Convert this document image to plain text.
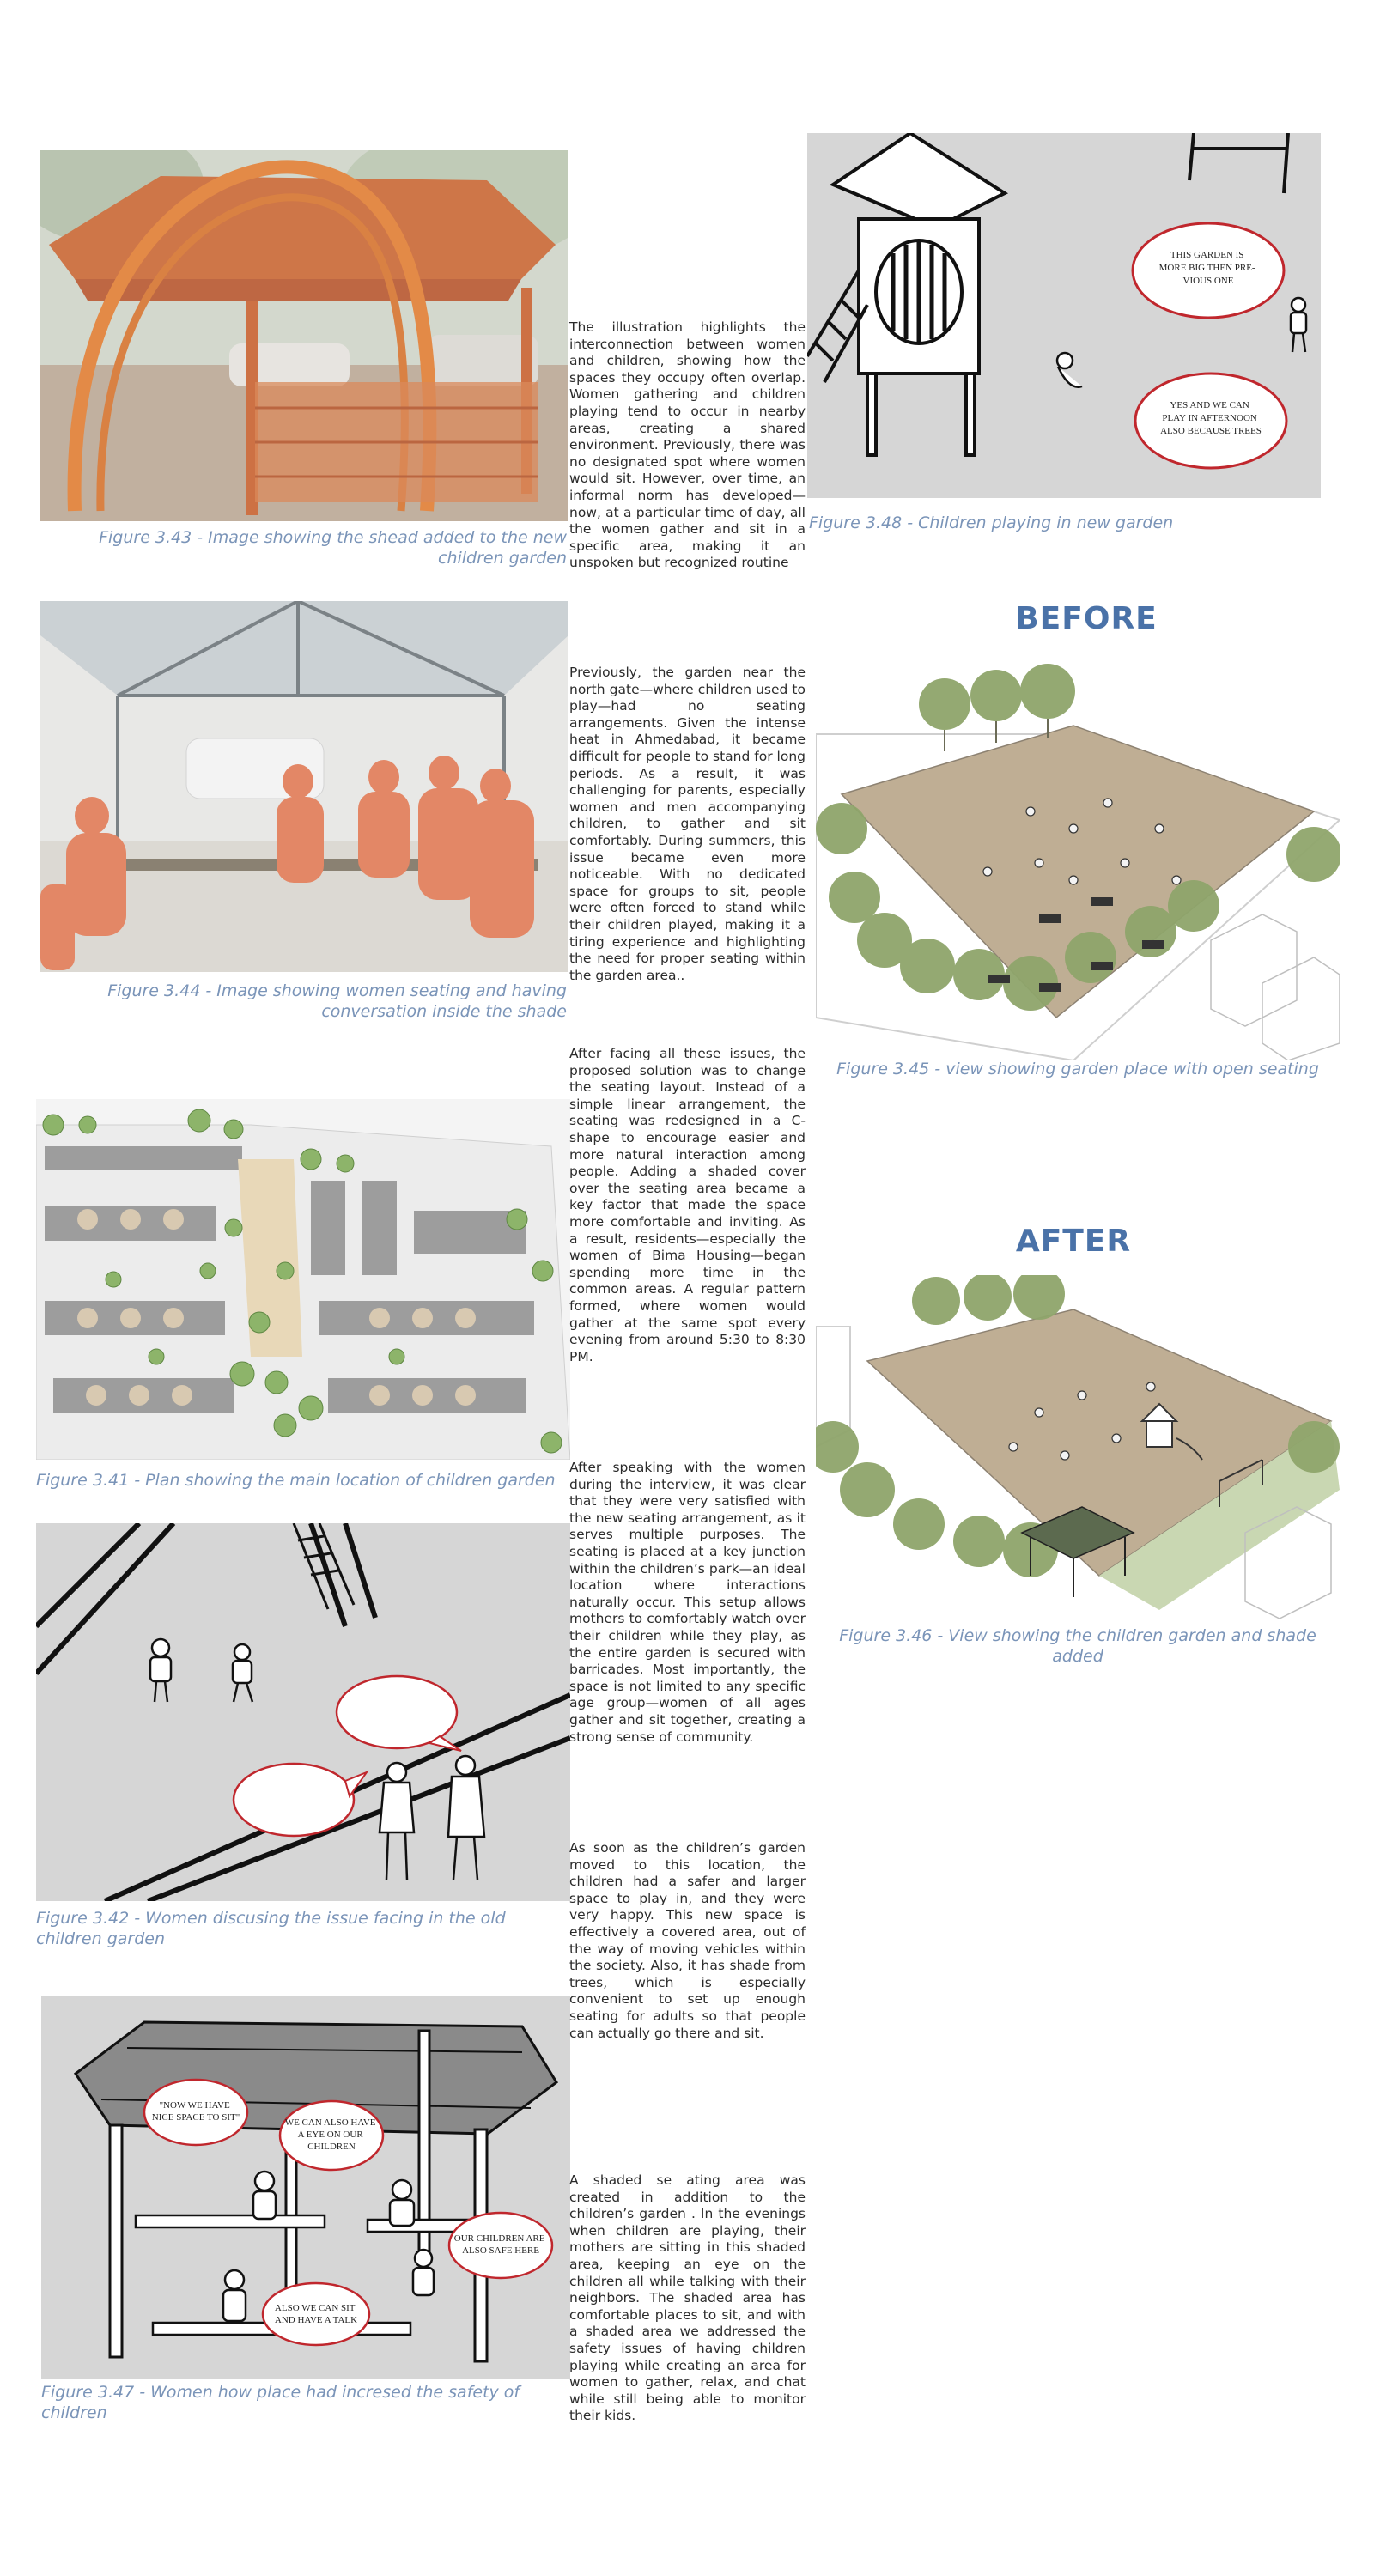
Figure 3.43 - Image showing the shead added to the new children garden
Figure 3.44 - Image showing women seating and having conversation inside the shade
Figure 3.41 - Plan showing the main location of children garden
Figure 3.42 - Women discusing the issue facing in the old children garden
"NOW WE HAVE NICE SPACE TO SIT"	WE CAN ALSO HAVE A EYE ON OUR CHILDREN
OUR CHILDREN ARE ALSO SAFE HERE
ALSO WE CAN SIT AND HAVE A TALK
Figure 3.47 - Women how place had incresed the safety of children
The illustration highlights the interconnection between women and children, showing how the spaces they occupy often overlap. Women gathering and children playing tend to occur in nearby areas, creating a shared environment. Previously, there was no designated spot where women would sit. However, over time, an informal norm has developed—now, at a particular time of day, all the women gather and sit in a specific area, making it an unspoken but recognized routine
Previously, the garden near the north gate—where children used to play—had no seating arrangements. Given the intense heat in Ahmedabad, it became difficult for people to stand for long periods. As a result, it was challenging for parents, especially women and men accompanying children, to gather and sit comfortably. During summers, this issue became even more noticeable. With no dedicated space for groups to sit, people were often forced to stand while their children played, making it a tiring experience and highlighting the need for proper seating within the garden area..
After facing all these issues, the proposed solution was to change the seating layout. Instead of a simple linear arrangement, the seating was redesigned in a C-shape to encourage easier and more natural interaction among people. Adding a shaded cover over the seating area became a key factor that made the space more comfortable and inviting. As a result, residents—especially the women of Bima Housing—began spending more time in the common areas. A regular pattern formed, where women would gather at the same spot every evening from around 5:30 to 8:30 PM.
After speaking with the women during the interview, it was clear that they were very satisfied with the new seating arrangement, as it serves multiple purposes. The seating is placed at a key junction within the children’s park—an ideal location where interactions naturally occur. This setup allows mothers to comfortably watch over their children while they play, as the entire garden is secured with barricades. Most importantly, the space is not limited to any specific age group—women of all ages gather and sit together, creating a strong sense of community.
As soon as the children’s garden moved to this location, the children had a safer and larger space to play in, and they were very happy. This new space is effectively a covered area, out of the way of moving vehicles within the society. Also, it has shade from trees, which is especially convenient to set up enough seating for adults so that people can actually go there and sit.
A shaded se ating area was created in addition to the children’s garden . In the evenings when children are playing, their mothers are sitting in this shaded area, keeping an eye on the children all while talking with their neighbors. The shaded area has comfortable places to sit, and with a shaded area we addressed the safety issues of having children playing while creating an area for women to gather, relax, and chat while still being able to monitor their kids.
THIS GARDEN IS MORE BIG THEN PRE- VIOUS ONE
YES AND WE CAN PLAY IN AFTERNOON ALSO BECAUSE TREES
Figure 3.48 - Children playing in new garden
BEFORE
Figure 3.45 - view showing garden place with open seating
AFTER
Figure 3.46 - View showing the children garden and shade added
